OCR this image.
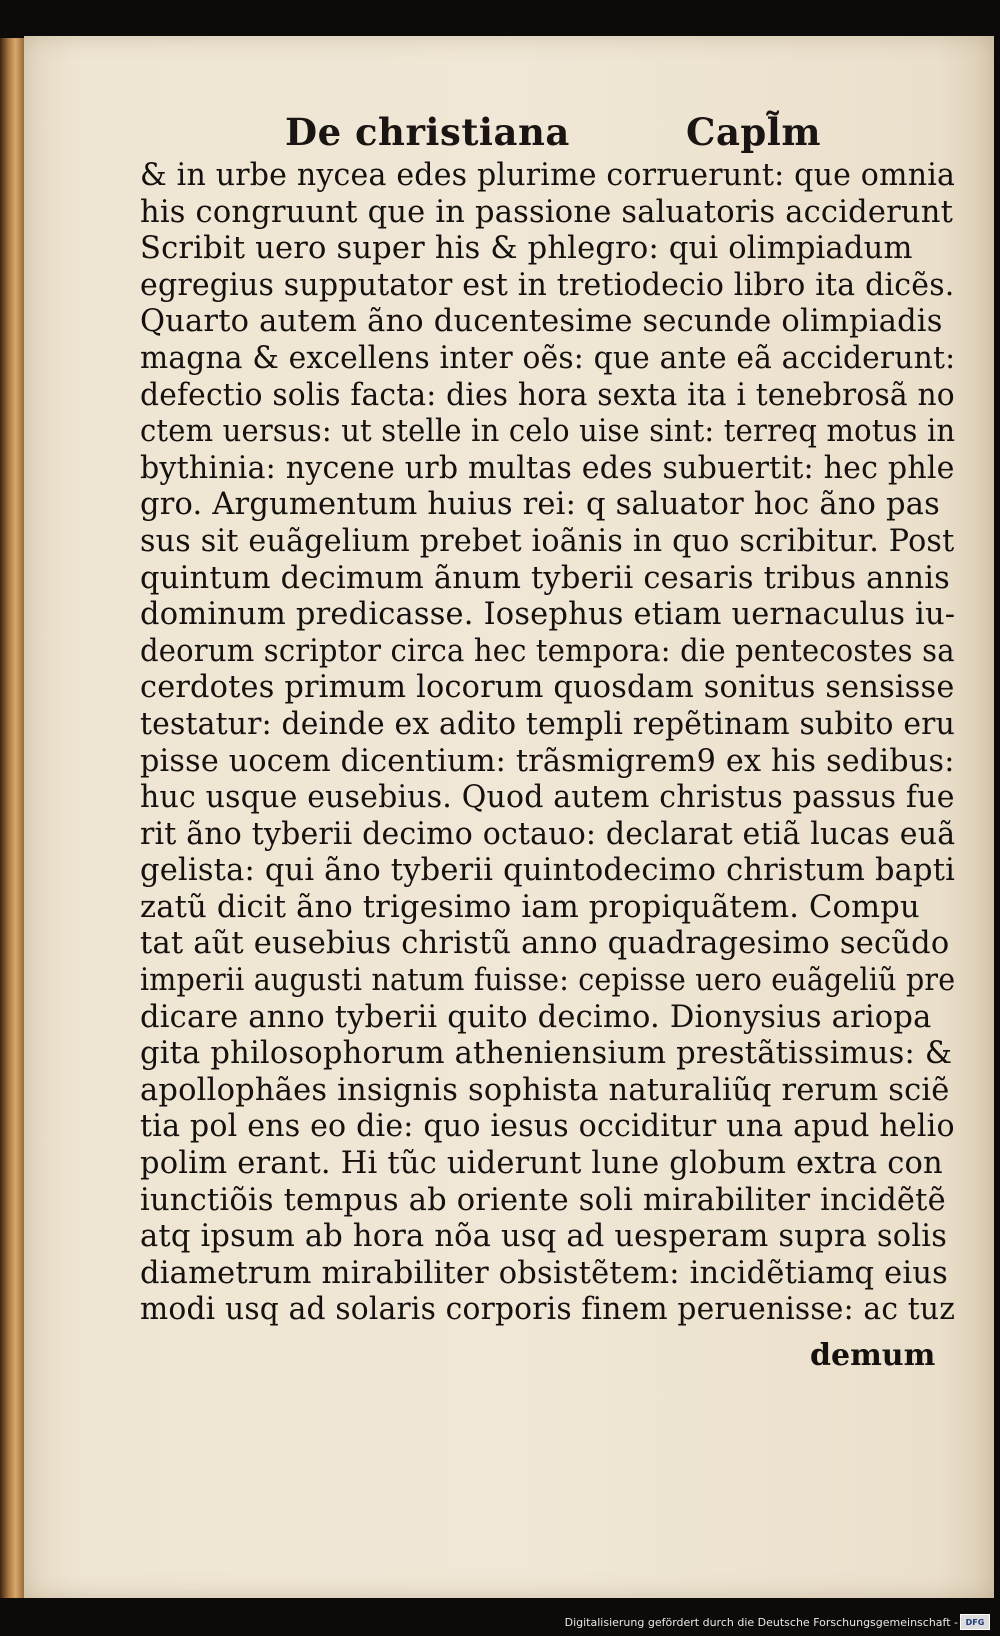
De christiana	Capl̃m
& in urbe nycea edes plurime corruerunt: que omnia
his congruunt que in passione saluatoris acciderunt
Scribit uero super his & phlegro: qui olimpiadum
egregius supputator est in tretiodecio libro ita dicẽs.
Quarto autem ãno ducentesime secunde olimpiadis
magna & excellens inter oẽs: que ante eã acciderunt:
defectio solis facta: dies hora sexta ita i tenebrosã no
ctem uersus: ut stelle in celo uise sint: terreq motus in
bythinia: nycene urb multas edes subuertit: hec phle
gro. Argumentum huius rei: q saluator hoc ãno pas
sus sit euãgelium prebet ioãnis in quo scribitur. Post
quintum decimum ãnum tyberii cesaris tribus annis
dominum predicasse. Iosephus etiam uernaculus iu-
deorum scriptor circa hec tempora: die pentecostes sa
cerdotes primum locorum quosdam sonitus sensisse
testatur: deinde ex adito templi repẽtinam subito eru
pisse uocem dicentium: trãsmigrem9 ex his sedibus:
huc usque eusebius. Quod autem christus passus fue
rit ãno tyberii decimo octauo: declarat etiã lucas euã
gelista: qui ãno tyberii quintodecimo christum bapti
zatũ dicit ãno trigesimo iam propiquãtem. Compu
tat aũt eusebius christũ anno quadragesimo secũdo
imperii augusti natum fuisse: cepisse uero euãgeliũ pre
dicare anno tyberii quito decimo. Dionysius ariopa
gita philosophorum atheniensium prestãtissimus: &
apollophães insignis sophista naturaliũq rerum sciẽ
tia pol ens eo die: quo iesus occiditur una apud helio
polim erant. Hi tũc uiderunt lune globum extra con
iunctiõis tempus ab oriente soli mirabiliter incidẽtẽ
atq ipsum ab hora nõa usq ad uesperam supra solis
diametrum mirabiliter obsistẽtem: incidẽtiamq eius
modi usq ad solaris corporis finem peruenisse: ac tuz
demum
Digitalisierung gefördert durch die Deutsche Forschungsgemeinschaft - DFG
